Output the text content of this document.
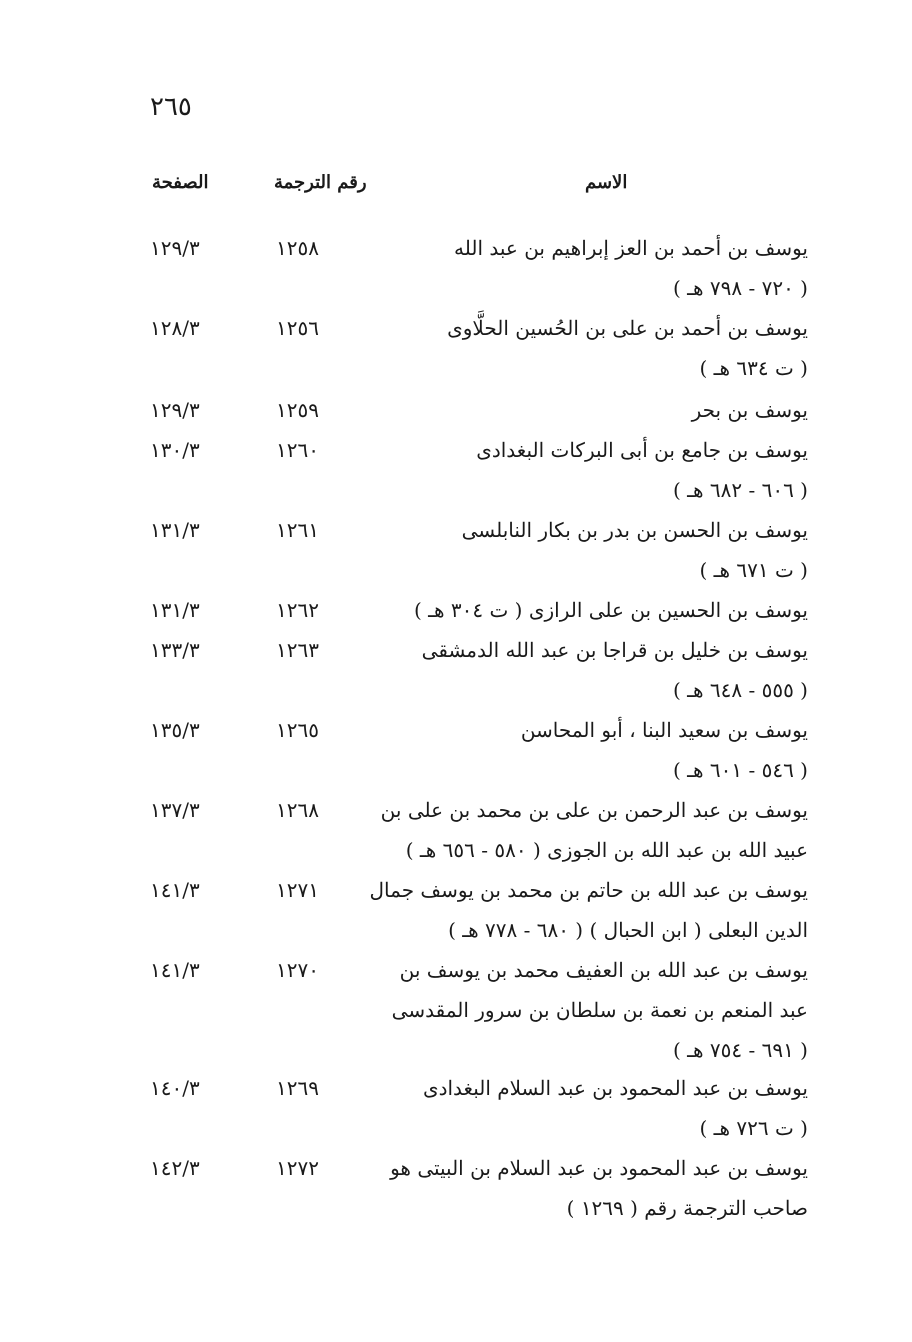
٢٦٥
الصفحة	رقم الترجمة	الاسم
١٢٩/٣	١٢٥٨	يوسف بن أحمد بن العز إبراهيم بن عبد الله
( ٧٢٠ - ٧٩٨ هـ )
١٢٨/٣	١٢٥٦	يوسف بن أحمد بن على بن الحُسين الحلَّاوى
( ت ٦٣٤ هـ )
١٢٩/٣	١٢٥٩	يوسف بن بحر
١٣٠/٣	١٢٦٠	يوسف بن جامع بن أبى البركات البغدادى
( ٦٠٦ - ٦٨٢ هـ )
١٣١/٣	١٢٦١	يوسف بن الحسن بن بدر بن بكار النابلسى
( ت ٦٧١ هـ )
١٣١/٣	١٢٦٢	يوسف بن الحسين بن على الرازى ( ت ٣٠٤ هـ )
١٣٣/٣	١٢٦٣	يوسف بن خليل بن قراجا بن عبد الله الدمشقى
( ٥٥٥ - ٦٤٨ هـ )
١٣٥/٣	١٢٦٥	يوسف بن سعيد البنا ، أبو المحاسن
( ٥٤٦ - ٦٠١ هـ )
١٣٧/٣	١٢٦٨	يوسف بن عبد الرحمن بن على بن محمد بن على بن
عبيد الله بن عبد الله بن الجوزى ( ٥٨٠ - ٦٥٦ هـ )
١٤١/٣	١٢٧١	يوسف بن عبد الله بن حاتم بن محمد بن يوسف جمال
الدين البعلى ( ابن الحبال ) ( ٦٨٠ - ٧٧٨ هـ )
١٤١/٣	١٢٧٠	يوسف بن عبد الله بن العفيف محمد بن يوسف بن
عبد المنعم بن نعمة بن سلطان بن سرور المقدسى
( ٦٩١ - ٧٥٤ هـ )
١٤٠/٣	١٢٦٩	يوسف بن عبد المحمود بن عبد السلام البغدادى
( ت ٧٢٦ هـ )
١٤٢/٣	١٢٧٢	يوسف بن عبد المحمود بن عبد السلام بن البيتى هو
صاحب الترجمة رقم ( ١٢٦٩ )
